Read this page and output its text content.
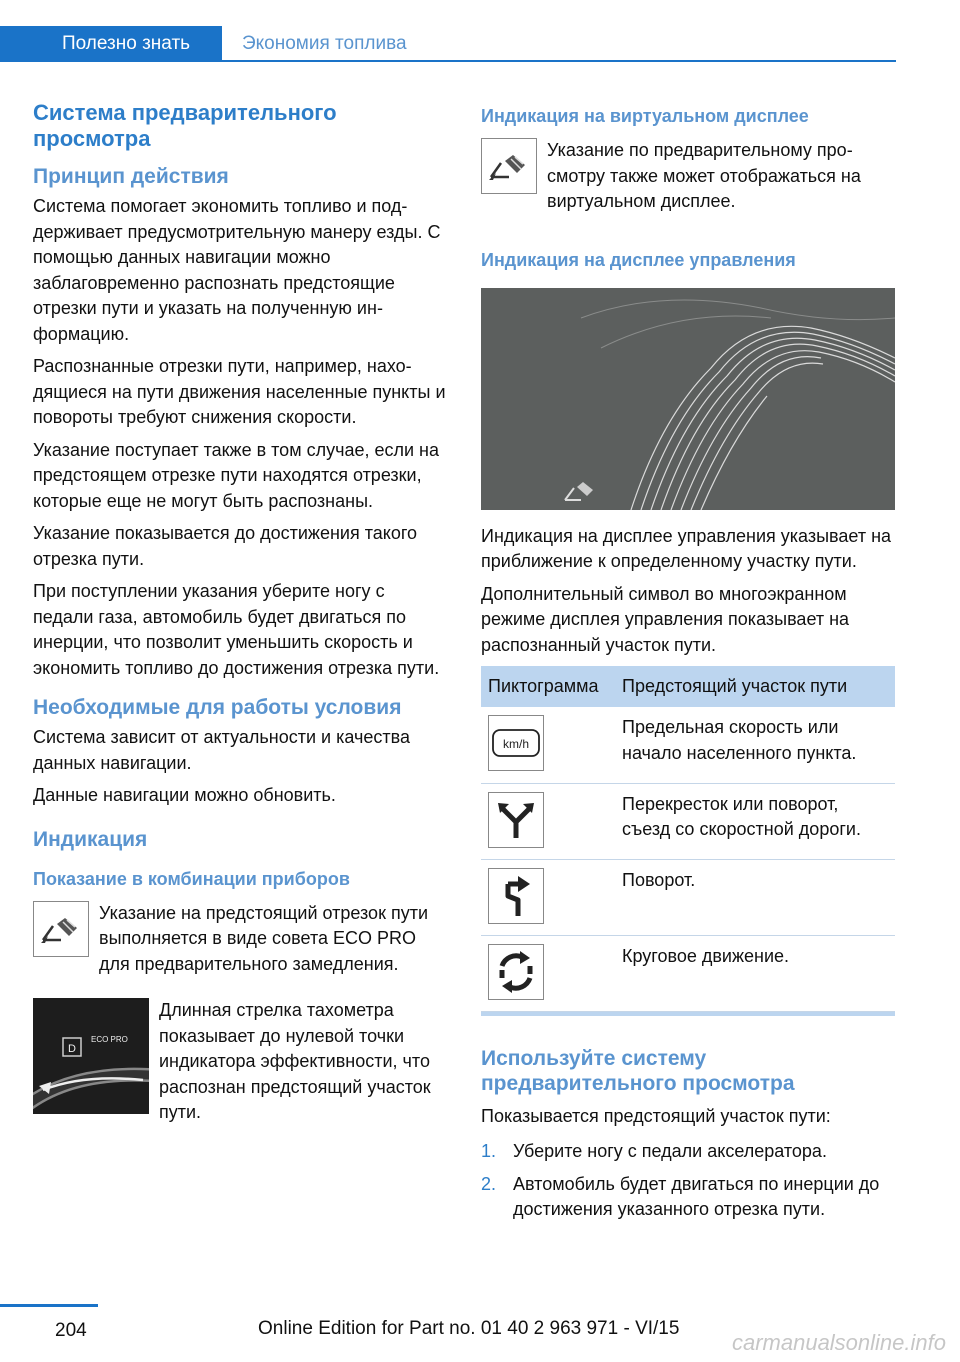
Полезно знать	Экономия топлива
Система предварительного просмотра
Принцип действия

Система помогает экономить топливо и поддерживает предусмотрительную манеру езды. С помощью данных навигации можно заблаговременно распознать предстоящие отрезки пути и указать на полученную информацию.

Распознанные отрезки пути, например, находящиеся на пути движения населенные пункты и повороты требуют снижения скорости.

Указание поступает также в том случае, если на предстоящем отрезке пути находятся отрезки, которые еще не могут быть распознаны.

Указание показывается до достижения такого отрезка пути.

При поступлении указания уберите ногу с педали газа, автомобиль будет двигаться по инерции, что позволит уменьшить скорость и экономить топливо до достижения отрезка пути.

Необходимые для работы условия

Система зависит от актуальности и качества данных навигации.

Данные навигации можно обновить.

Индикация
Показание в комбинации приборов

Указание на предстоящий отрезок пути выполняется в виде совета ECO PRO для предварительного замедления.

D
ECO PRO

Длинная стрелка тахометра показывает до нулевой точки индикатора эффективности, что распознан предстоящий участок пути.

Индикация на виртуальном дисплее

Указание по предварительному просмотру также может отображаться на виртуальном дисплее.

Индикация на дисплее управления

Индикация на дисплее управления указывает на приближение к определенному участку пути.

Дополнительный символ во многоэкранном режиме дисплея управления показывает на распознанный участок пути.

Пиктограмма	Предстоящий участок пути

km/h	Предельная скорость или начало населенного пункта.

	Перекресток или поворот, съезд со скоростной дороги.

	Поворот.

	Круговое движение.
Используйте систему предварительного просмотра

Показывается предстоящий участок пути:

1. Уберите ногу с педали акселератора.
2. Автомобиль будет двигаться по инерции до достижения указанного отрезка пути.
204	Online Edition for Part no. 01 40 2 963 971 - VI/15
carmanualsonline.info
